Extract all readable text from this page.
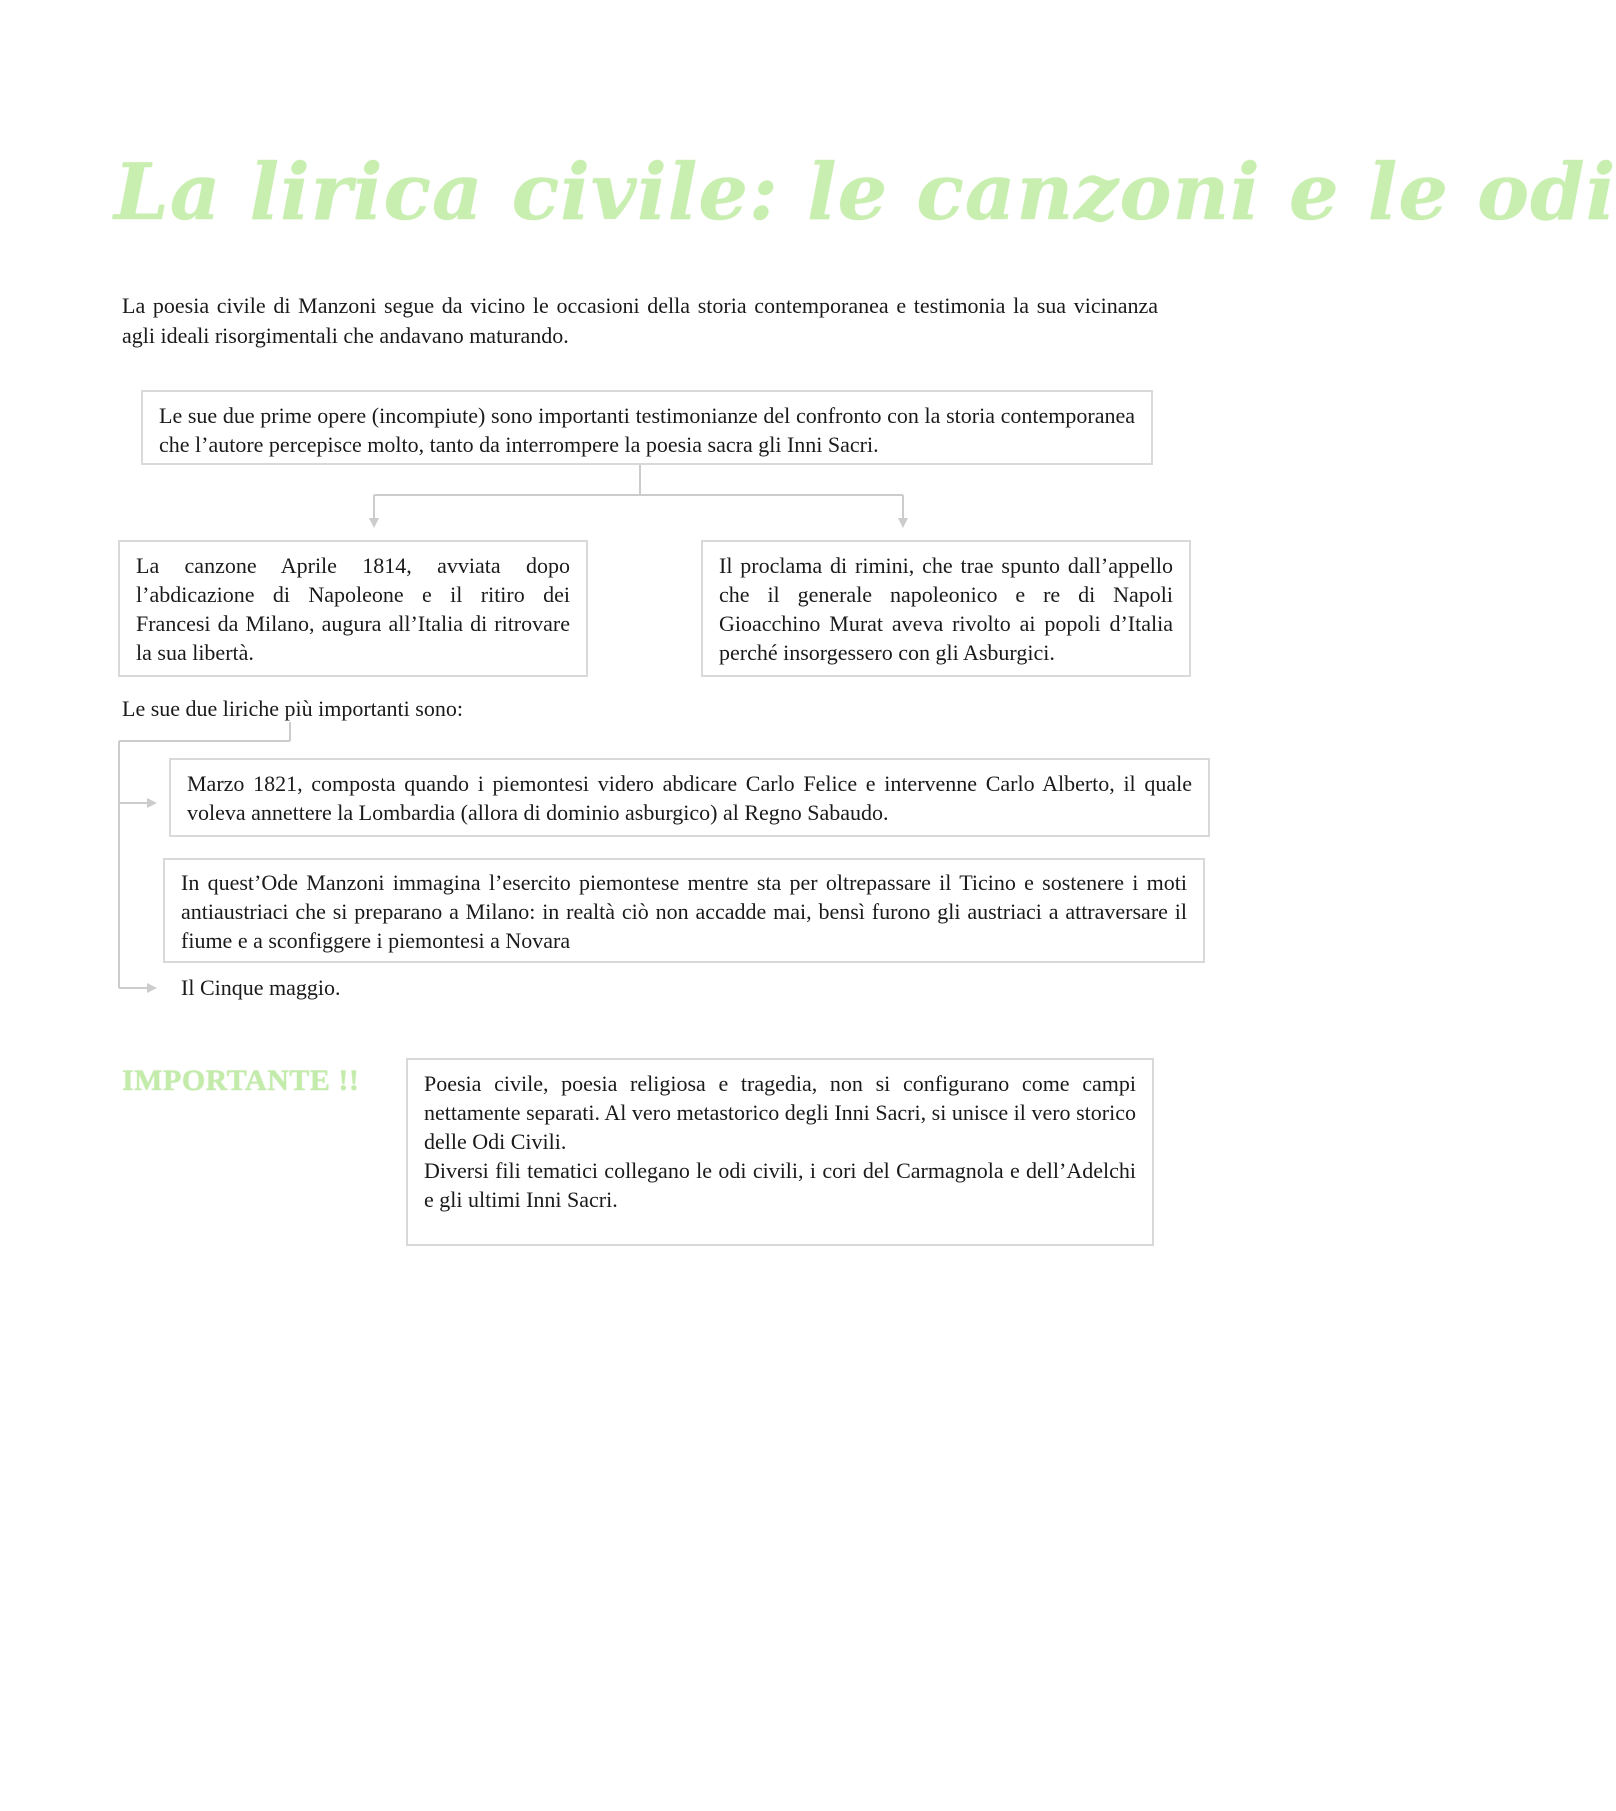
La lirica civile: le canzoni e le odi
La poesia civile di Manzoni segue da vicino le occasioni della storia contemporanea e testimonia la sua vicinanza agli ideali risorgimentali che andavano maturando.
Le sue due prime opere (incompiute) sono importanti testimonianze del confronto con la storia contemporanea che l’autore percepisce molto, tanto da interrompere la poesia sacra gli Inni Sacri.
La canzone Aprile 1814, avviata dopo l’abdicazione di Napoleone e il ritiro dei Francesi da Milano, augura all’Italia di ritrovare la sua libertà.
Il proclama di rimini, che trae spunto dall’appello che il generale napoleonico e re di Napoli Gioacchino Murat aveva rivolto ai popoli d’Italia perché insorgessero con gli Asburgici.
Le sue due liriche più importanti sono:
Marzo 1821, composta quando i piemontesi videro abdicare Carlo Felice e intervenne Carlo Alberto, il quale voleva annettere la Lombardia (allora di dominio asburgico) al Regno Sabaudo.
In quest’Ode Manzoni immagina l’esercito piemontese mentre sta per oltrepassare il Ticino e sostenere i moti antiaustriaci che si preparano a Milano: in realtà ciò non accadde mai, bensì furono gli austriaci a attraversare il fiume e a sconfiggere i piemontesi a Novara
Il Cinque maggio.
IMPORTANTE !!	Poesia civile, poesia religiosa e tragedia, non si configurano come campi nettamente separati. Al vero metastorico degli Inni Sacri, si unisce il vero storico delle Odi Civili.
Diversi fili tematici collegano le odi civili, i cori del Carmagnola e dell’Adelchi e gli ultimi Inni Sacri.
